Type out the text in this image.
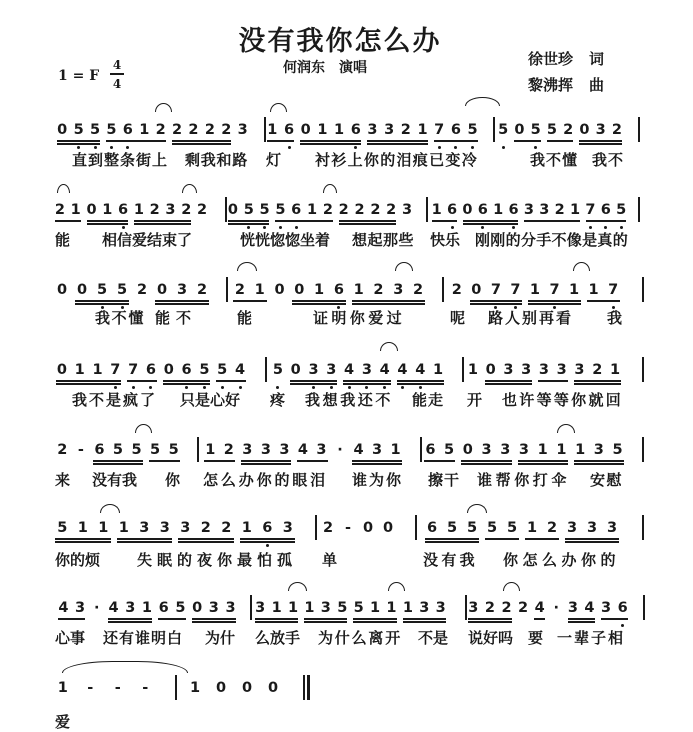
没有我你怎么办
何润东 演唱
1 = F
4
4
徐世珍 词
黎沸挥 曲
0 5 5 5 6 1 2 2 2 2 2 3 1 6 0 1 1 6 3 3 2 1 7 6 5 5 0 5 5 2 0 3 2
直到整条街上 剩我和路 灯 衬衫上你的泪痕已变冷	我不懂 我不
2 1 0 1 6 1 2 3 2 2 0 5 5 5 6 1 2 2 2 2 2 3 1 6 0 6 1 6 3 3 2 1 7 6 5
能 相信爱结束了	恍恍惚惚坐着 想起那些 快乐 刚刚的分手不像是真的
0 0 5 5 2 0 3 2	2 1 0 0 1 6 1 2 3 2	2 0 7 7 1 7 1 1 7
我不懂 能不	能	证明你爱过	呢 路人别再看 我
0 1 1 7 7 6 0 6 5 5 4 5 0 3 3 4 3 4 4 4 1 1 0 3 3 3 3 3 2 1
我不是疯了 只是心好 疼 我想我还不 能走 开 也许等等你就回
2 - 6 5 5 5 5 1 2 3 3 3 4 3 · 4 3 1 6 5 0 3 3 3 1 1 1 3 5
来 没有我 你 怎么办你的眼泪 谁为你 擦干 谁帮你打伞 安慰
5 1 1 1 3 3 3 2 2 1 6 3	2 - 0 0	6 5 5 5 5 1 2 3 3 3
你的烦 失眠的夜你最怕孤 单	没有我 你怎么办你的
4 3 · 4 3 1 6 5 0 3 3 3 1 1 1 3 5 5 1 1 1 3 3 3 2 2 2 4 · 3 4 3 6
心事 还有谁明白 为什 么放手 为什么离开 不是 说好吗 要 一辈子相
1	-	-	-	1	0	0	0
爱
